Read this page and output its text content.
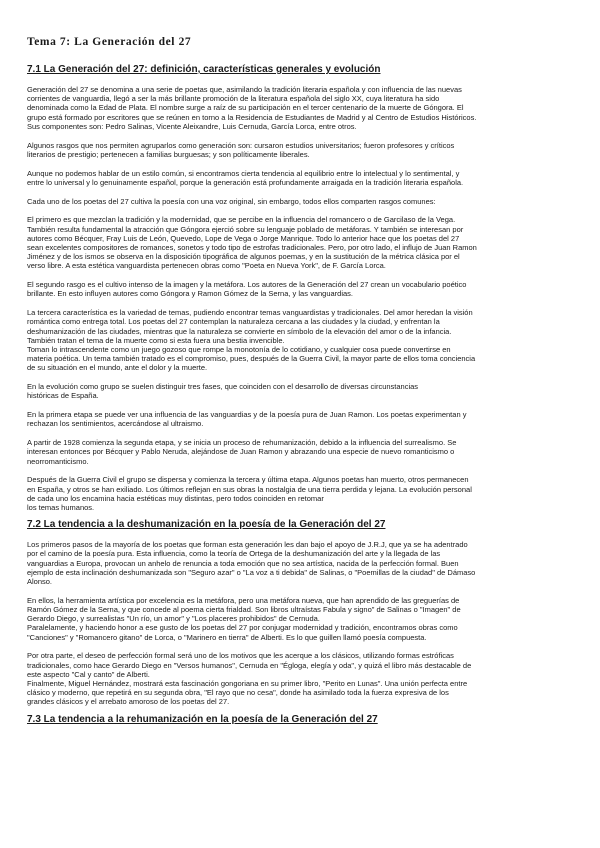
Tema 7: La Generación del 27
7.1 La Generación del 27: definición, características generales y evolución

Generación del 27 se denomina a una serie de poetas que, asimilando la tradición literaria española y con influencia de las nuevas
corrientes de vanguardia, llegó a ser la más brillante promoción de la literatura española del siglo XX, cuya literatura ha sido
denominada como la Edad de Plata. El nombre surge a raíz de su participación en el tercer centenario de la muerte de Góngora. El
grupo está formado por escritores que se reúnen en torno a la Residencia de Estudiantes de Madrid y al Centro de Estudios Históricos.
Sus componentes son: Pedro Salinas, Vicente Aleixandre, Luis Cernuda, García Lorca, entre otros.

Algunos rasgos que nos permiten agruparlos como generación son: cursaron estudios universitarios; fueron profesores y críticos
literarios de prestigio; pertenecen a familias burguesas; y son políticamente liberales.

Aunque no podemos hablar de un estilo común, si encontramos cierta tendencia al equilibrio entre lo intelectual y lo sentimental, y
entre lo universal y lo genuinamente español, porque la generación está profundamente arraigada en la tradición literaria española.

Cada uno de los poetas del 27 cultiva la poesía con una voz original, sin embargo, todos ellos comparten rasgos comunes:

El primero es que mezclan la tradición y la modernidad, que se percibe en la influencia del romancero o de Garcilaso de la Vega.
También resulta fundamental la atracción que Góngora ejerció sobre su lenguaje poblado de metáforas. Y también se interesan por
autores como Bécquer, Fray Luis de León, Quevedo, Lope de Vega o Jorge Manrique. Todo lo anterior hace que los poetas del 27
sean excelentes compositores de romances, sonetos y todo tipo de estrofas tradicionales. Pero, por otro lado, el influjo de Juan Ramon
Jiménez y de los ismos se observa en la disposición tipográfica de algunos poemas, y en la sustitución de la métrica clásica por el
verso libre. A esta estética vanguardista pertenecen obras como "Poeta en Nueva York", de F. García Lorca.

El segundo rasgo es el cultivo intenso de la imagen y la metáfora. Los autores de la Generación del 27 crean un vocabulario poético
brillante. En esto influyen autores como Góngora y Ramon Gómez de la Serna, y las vanguardias.

La tercera característica es la variedad de temas, pudiendo encontrar temas vanguardistas y tradicionales. Del amor heredan la visión
romántica como entrega total. Los poetas del 27 contemplan la naturaleza cercana a las ciudades y la ciudad, y enfrentan la
deshumanización de las ciudades, mientras que la naturaleza se convierte en símbolo de la elevación del amor o de la infancia.
También tratan el tema de la muerte como si esta fuera una bestia invencible.
Toman lo intrascendente como un juego gozoso que rompe la monotonía de lo cotidiano, y cualquier cosa puede convertirse en
materia poética. Un tema también tratado es el compromiso, pues, después de la Guerra Civil, la mayor parte de ellos toma conciencia
de su situación en el mundo, ante el dolor y la muerte.

En la evolución como grupo se suelen distinguir tres fases, que coinciden con el desarrollo de diversas circunstancias
históricas de España.

En la primera etapa se puede ver una influencia de las vanguardias y de la poesía pura de Juan Ramon. Los poetas experimentan y
rechazan los sentimientos, acercándose al ultraismo.

A partir de 1928 comienza la segunda etapa, y se inicia un proceso de rehumanización, debido a la influencia del surrealismo. Se
interesan entonces por Bécquer y Pablo Neruda, alejándose de Juan Ramon y abrazando una especie de nuevo romanticismo o
neorromanticismo.

Después de la Guerra Civil el grupo se dispersa y comienza la tercera y última etapa. Algunos poetas han muerto, otros permanecen
en España, y otros se han exiliado. Los últimos reflejan en sus obras la nostalgia de una tierra perdida y lejana. La evolución personal
de cada uno los encamina hacia estéticas muy distintas, pero todos coinciden en retomar
los temas humanos.

7.2 La tendencia a la deshumanización en la poesía de la Generación del 27

Los primeros pasos de la mayoría de los poetas que forman esta generación les dan bajo el apoyo de J.R.J, que ya se ha adentrado
por el camino de la poesía pura. Esta influencia, como la teoría de Ortega de la deshumanización del arte y la llegada de las
vanguardias a Europa, provocan un anhelo de renuncia a toda emoción que no sea artística, nacida de la perfección formal. Buen
ejemplo de esta inclinación deshumanizada son "Seguro azar" o "La voz a ti debida" de Salinas, o "Poemillas de la ciudad" de Dámaso
Alonso.

En ellos, la herramienta artística por excelencia es la metáfora, pero una metáfora nueva, que han aprendido de las greguerías de
Ramón Gómez de la Serna, y que concede al poema cierta frialdad. Son libros ultraístas Fabula y signo" de Salinas o "Imagen" de
Gerardo Diego, y surrealistas "Un río, un amor" y "Los placeres prohibidos" de Cernuda.
Paralelamente, y haciendo honor a ese gusto de los poetas del 27 por conjugar modernidad y tradición, encontramos obras como
"Canciones" y "Romancero gitano" de Lorca, o "Marinero en tierra" de Alberti. Es lo que guillen llamó poesía compuesta.

Por otra parte, el deseo de perfección formal será uno de los motivos que les acerque a los clásicos, utilizando formas estróficas
tradicionales, como hace Gerardo Diego en "Versos humanos", Cernuda en "Égloga, elegía y oda", y quizá el libro más destacable de
este aspecto "Cal y canto" de Alberti.
Finalmente, Miguel Hernández, mostrará esta fascinación gongoriana en su primer libro, "Perito en Lunas". Una unión perfecta entre
clásico y moderno, que repetirá en su segunda obra, "El rayo que no cesa", donde ha asimilado toda la fuerza expresiva de los
grandes clásicos y el arrebato amoroso de los poetas del 27.

7.3 La tendencia a la rehumanización en la poesía de la Generación del 27
